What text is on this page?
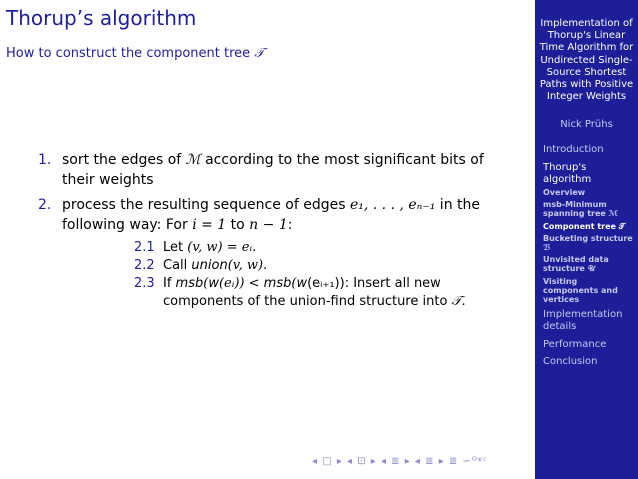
Thorup’s algorithm
How to construct the component tree 𝒯
1. sort the edges of ℳ according to the most significant bits of their weights
2. process the resulting sequence of edges e₁, . . . , eₙ₋₁ in the following way: For i = 1 to n − 1:
2.1 Let (v, w) = eᵢ.
2.2 Call union(v, w).
2.3 If msb(w(eᵢ)) < msb(w(eᵢ₊₁)): Insert all new components of the union-find structure into 𝒯.
◂ □ ▸ ◂ ⊡ ▸ ◂ ≣ ▸ ◂ ≣ ▸ ≣ ∽ᴼᵠᶜ
Implementation of Thorup's Linear Time Algorithm for Undirected Single-Source Shortest Paths with Positive Integer Weights
Nick Prühs
Introduction
Thorup's algorithm
Overview
msb-Minimum spanning tree ℳ
Component tree 𝒯
Bucketing structure ℬ
Unvisited data structure 𝒰
Visiting components and vertices
Implementation details
Performance
Conclusion
